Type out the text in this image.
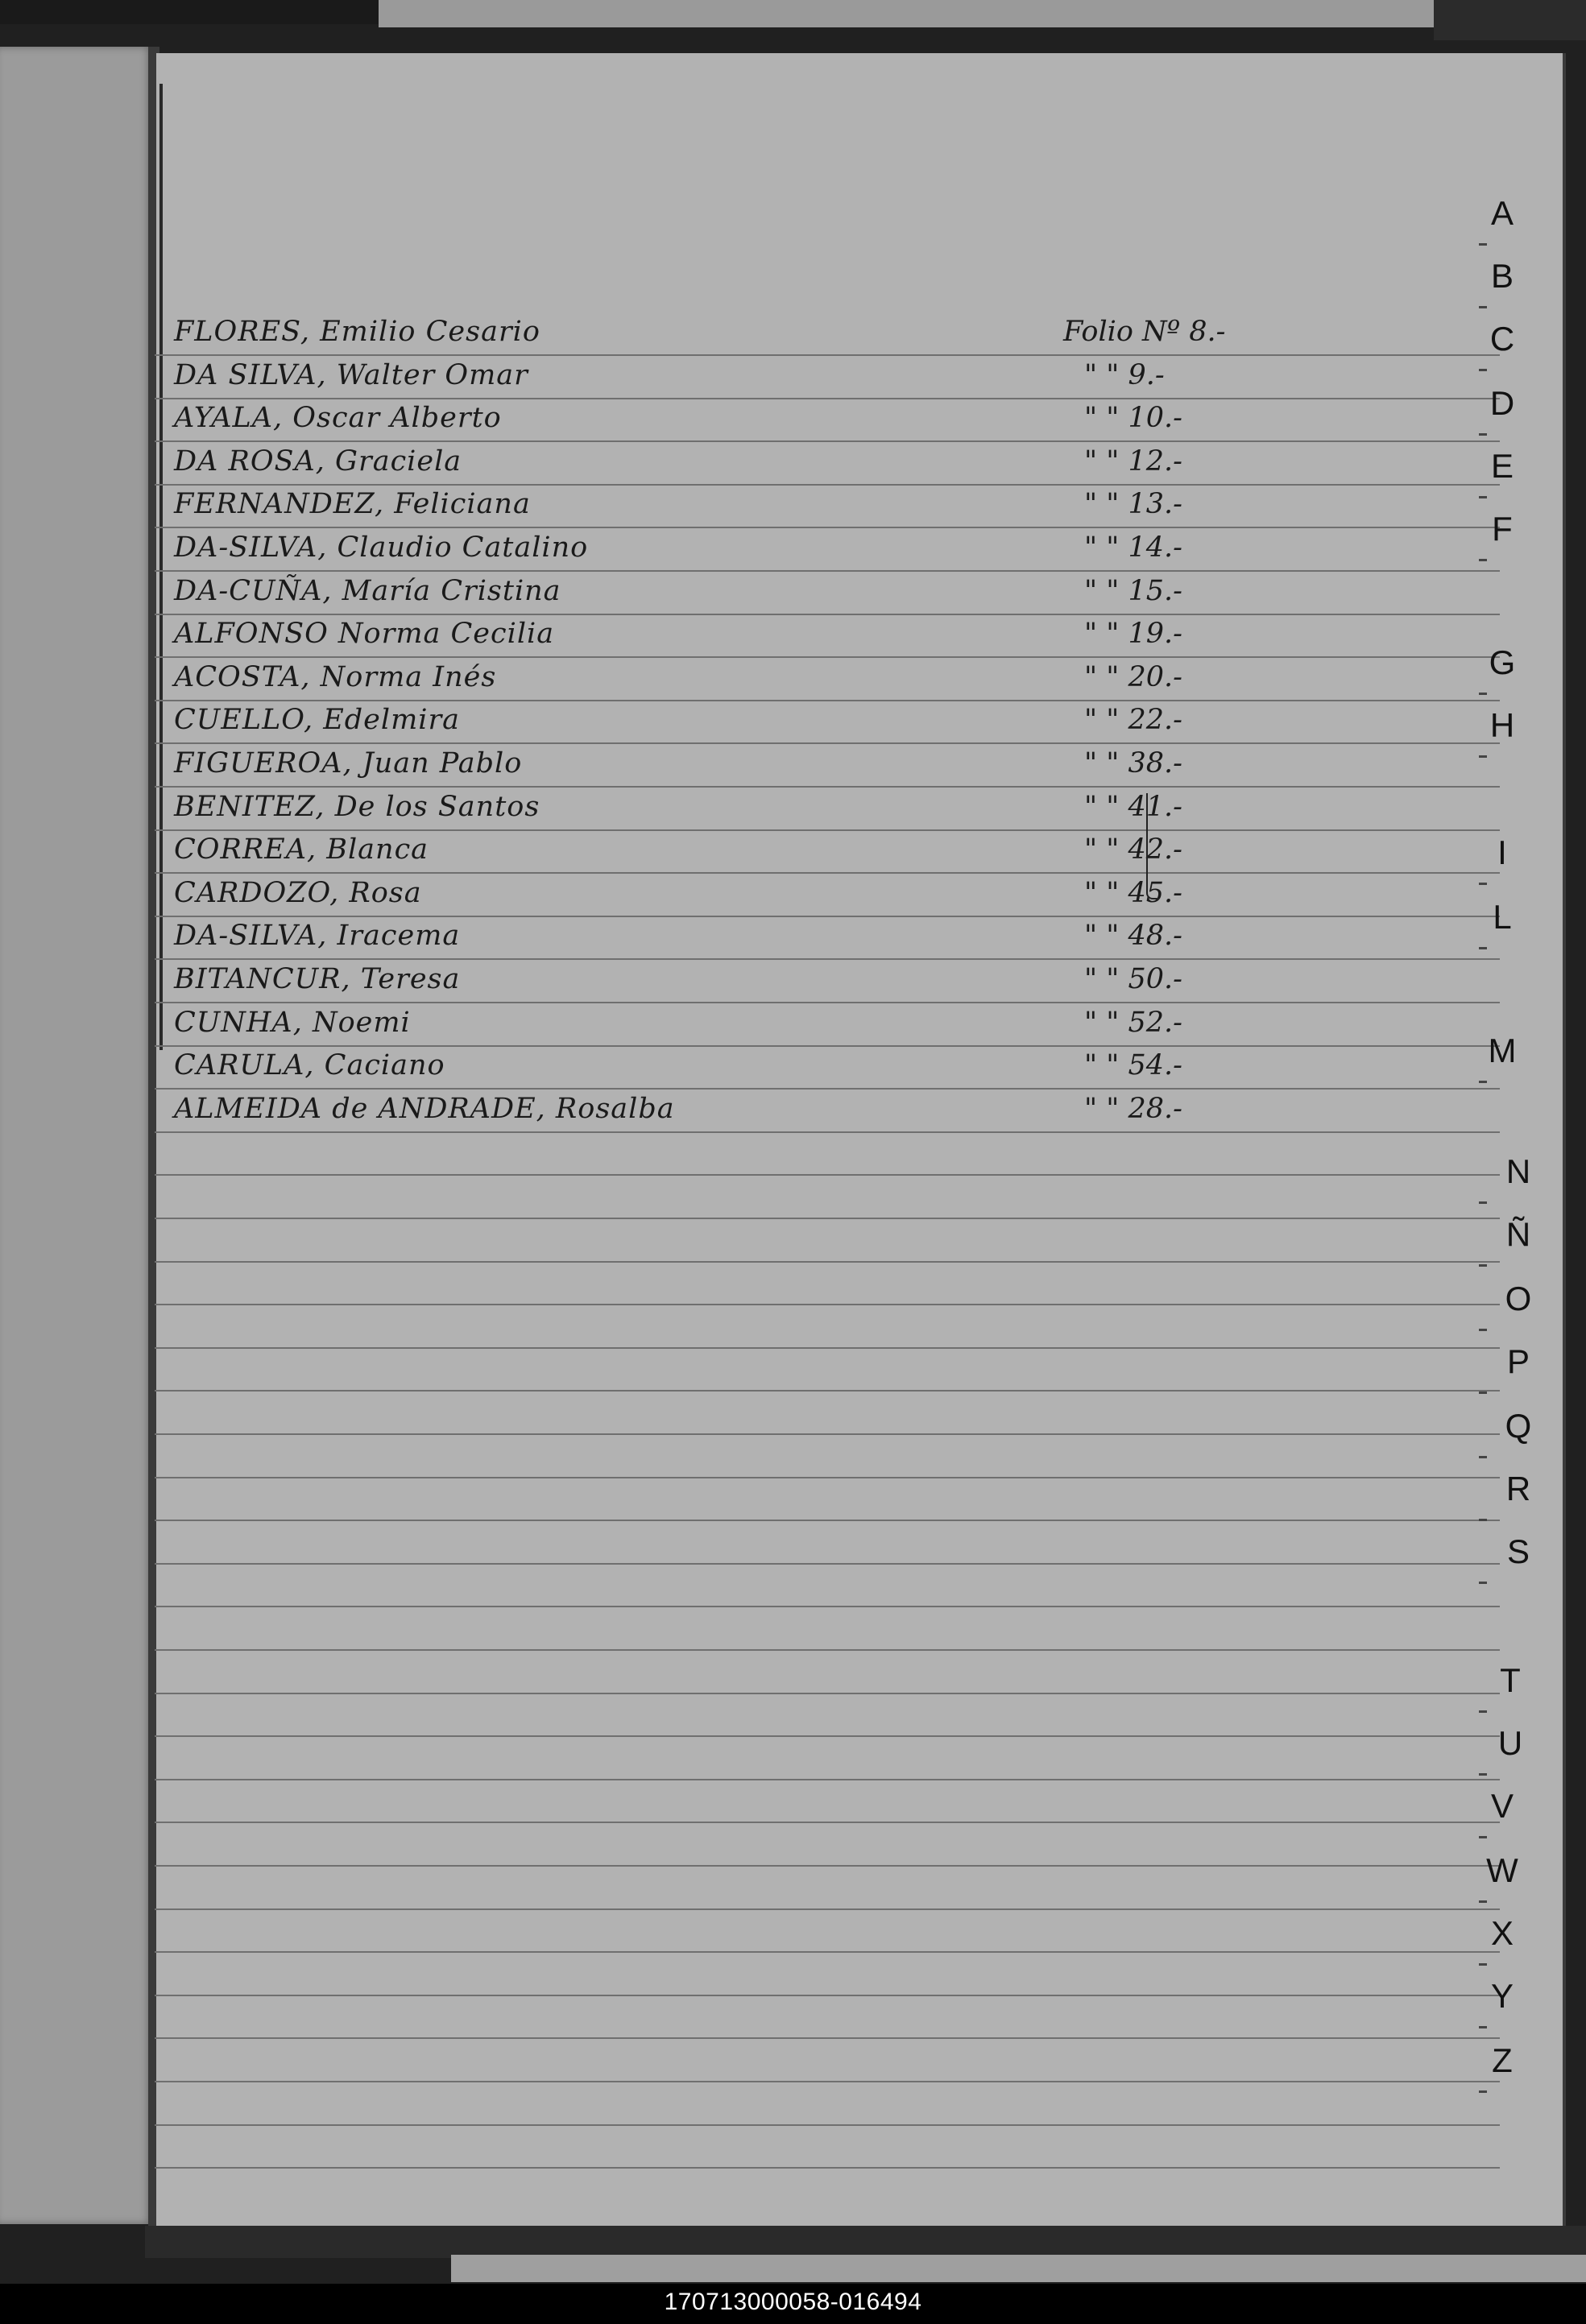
FLORES, Emilio Cesario	Folio Nº 8.-
DA SILVA, Walter Omar	" " 9.-
AYALA, Oscar Alberto	" " 10.-
DA ROSA, Graciela	" " 12.-
FERNANDEZ, Feliciana	" " 13.-
DA-SILVA, Claudio Catalino	" " 14.-
DA-CUÑA, María Cristina	" " 15.-
ALFONSO Norma Cecilia	" " 19.-
ACOSTA, Norma Inés	" " 20.-
CUELLO, Edelmira	" " 22.-
FIGUEROA, Juan Pablo	" " 38.-
BENITEZ, De los Santos	" " 41.-
CORREA, Blanca	" " 42.-
CARDOZO, Rosa	" " 45.-
DA-SILVA, Iracema	" " 48.-
BITANCUR, Teresa	" " 50.-
CUNHA, Noemi	" " 52.-
CARULA, Caciano	" " 54.-
ALMEIDA de ANDRADE, Rosalba	" " 28.-
A
B
C
D
E
F
G
H
I
L
M
N
Ñ
O
P
Q
R
S
T
U
V
W
X
Y
Z
170713000058-016494
